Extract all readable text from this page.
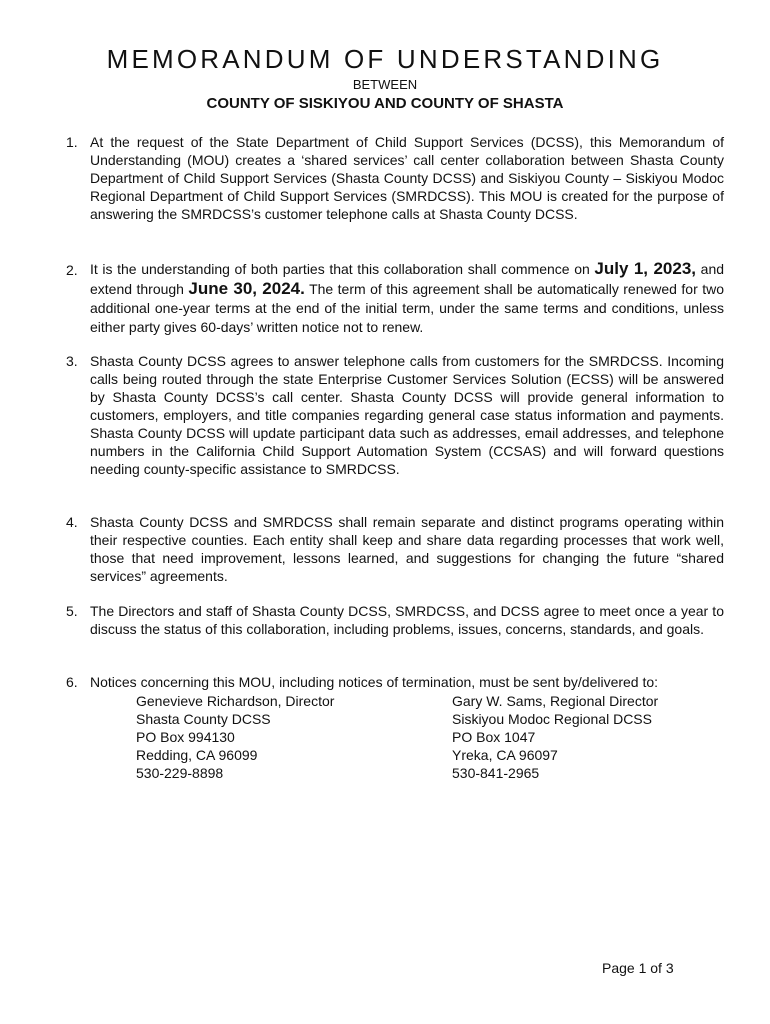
MEMORANDUM OF UNDERSTANDING
BETWEEN
COUNTY OF SISKIYOU AND COUNTY OF SHASTA
1. At the request of the State Department of Child Support Services (DCSS), this Memorandum of Understanding (MOU) creates a ‘shared services’ call center collaboration between Shasta County Department of Child Support Services (Shasta County DCSS) and Siskiyou County – Siskiyou Modoc Regional Department of Child Support Services (SMRDCSS). This MOU is created for the purpose of answering the SMRDCSS’s customer telephone calls at Shasta County DCSS.
2. It is the understanding of both parties that this collaboration shall commence on July 1, 2023, and extend through June 30, 2024. The term of this agreement shall be automatically renewed for two additional one-year terms at the end of the initial term, under the same terms and conditions, unless either party gives 60-days’ written notice not to renew.
3. Shasta County DCSS agrees to answer telephone calls from customers for the SMRDCSS. Incoming calls being routed through the state Enterprise Customer Services Solution (ECSS) will be answered by Shasta County DCSS’s call center. Shasta County DCSS will provide general information to customers, employers, and title companies regarding general case status information and payments. Shasta County DCSS will update participant data such as addresses, email addresses, and telephone numbers in the California Child Support Automation System (CCSAS) and will forward questions needing county-specific assistance to SMRDCSS.
4. Shasta County DCSS and SMRDCSS shall remain separate and distinct programs operating within their respective counties. Each entity shall keep and share data regarding processes that work well, those that need improvement, lessons learned, and suggestions for changing the future “shared services” agreements.
5. The Directors and staff of Shasta County DCSS, SMRDCSS, and DCSS agree to meet once a year to discuss the status of this collaboration, including problems, issues, concerns, standards, and goals.
6. Notices concerning this MOU, including notices of termination, must be sent by/delivered to:
Genevieve Richardson, Director
Shasta County DCSS
PO Box 994130
Redding, CA 96099
530-229-8898
Gary W. Sams, Regional Director
Siskiyou Modoc Regional DCSS
PO Box 1047
Yreka, CA 96097
530-841-2965
Page 1 of 3
